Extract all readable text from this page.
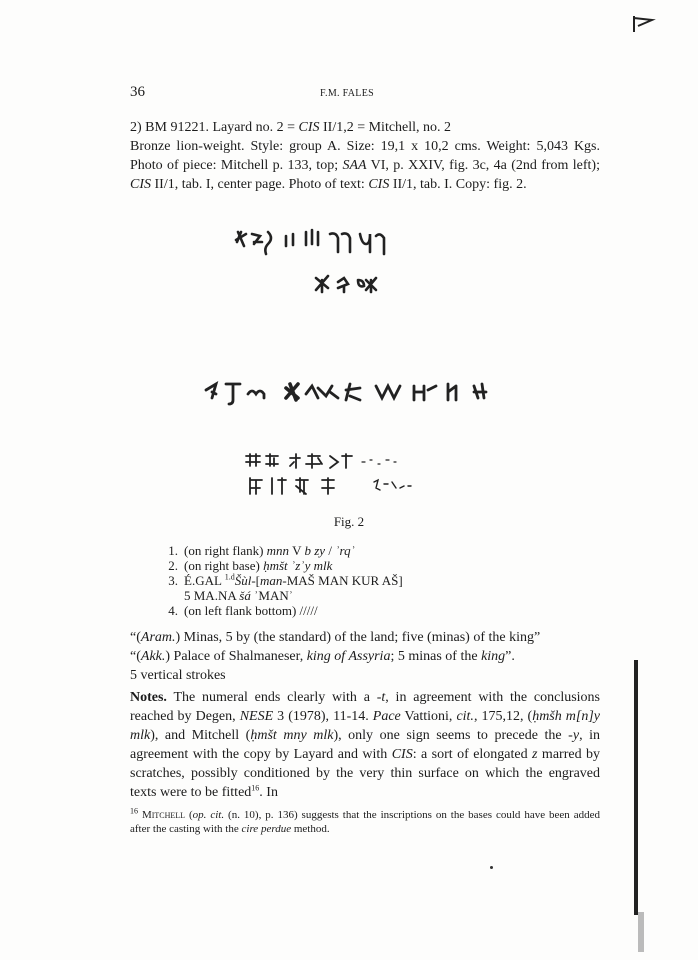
36	F.M. FALES

2) BM 91221. Layard no. 2 = CIS II/1,2 = Mitchell, no. 2

Bronze lion-weight. Style: group A. Size: 19,1 x 10,2 cms. Weight: 5,043 Kgs. Photo of piece: Mitchell p. 133, top; SAA VI, p. XXIV, fig. 3c, 4a (2nd from left); CIS II/1, tab. I, center page. Photo of text: CIS II/1, tab. I. Copy: fig. 2.

Fig. 2
1. (on right flank) mnn V b zy / ʾrqʾ
2. (on right base) ḥmšt ʾzʾy mlk
3. É.GAL $^{1.d}$Šùl-[man-MAŠ MAN KUR AŠ]
5 MA.NA šá ʾMANʾ
4. (on left flank bottom) /////

“(Aram.) Minas, 5 by (the standard) of the land; five (minas) of the king”

“(Akk.) Palace of Shalmaneser, king of Assyria; 5 minas of the king”.

5 vertical strokes

Notes. The numeral ends clearly with a -t, in agreement with the conclusions reached by Degen, NESE 3 (1978), 11-14. Pace Vattioni, cit., 175,12, (ḥmšh m[n]y mlk), and Mitchell (ḥmšt mny mlk), only one sign seems to precede the -y, in agreement with the copy by Layard and with CIS: a sort of elongated z marred by scratches, possibly conditioned by the very thin surface on which the engraved texts were to be fitted$^{16}$. In

$^{16}$ Mitchell (op. cit. (n. 10), p. 136) suggests that the inscriptions on the bases could have been added after the casting with the cire perdue method.
